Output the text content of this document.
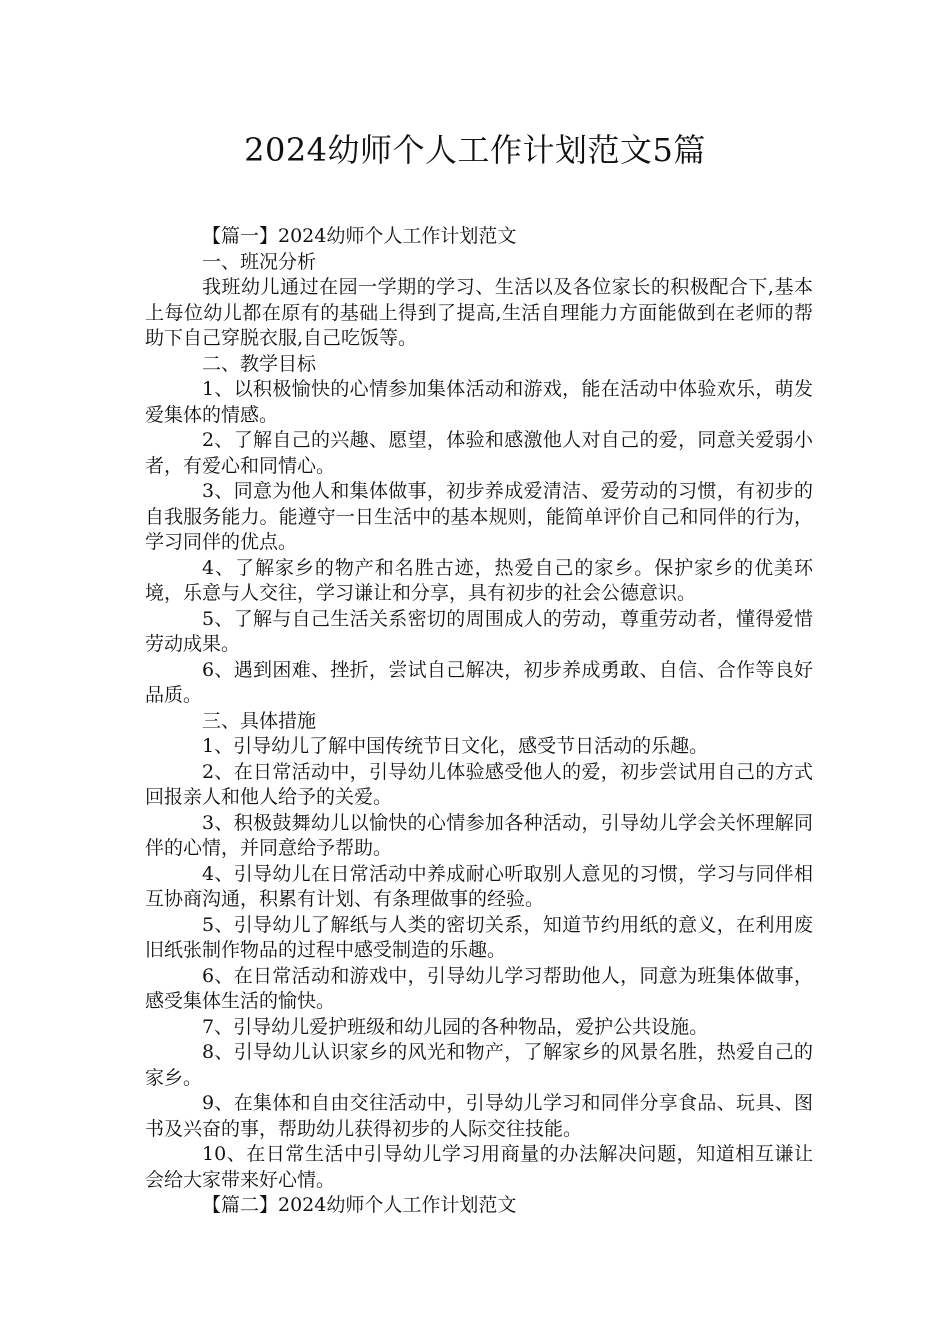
2024幼师个人工作计划范文5篇

【篇一】2024幼师个人工作计划范文

一、班况分析

我班幼儿通过在园一学期的学习、生活以及各位家长的积极配合下,基本上每位幼儿都在原有的基础上得到了提高,生活自理能力方面能做到在老师的帮助下自己穿脱衣服,自己吃饭等。

二、教学目标

1、以积极愉快的心情参加集体活动和游戏，能在活动中体验欢乐，萌发爱集体的情感。

2、了解自己的兴趣、愿望，体验和感激他人对自己的爱，同意关爱弱小者，有爱心和同情心。

3、同意为他人和集体做事，初步养成爱清洁、爱劳动的习惯，有初步的自我服务能力。能遵守一日生活中的基本规则，能简单评价自己和同伴的行为，学习同伴的优点。

4、了解家乡的物产和名胜古迹，热爱自己的家乡。保护家乡的优美环境，乐意与人交往，学习谦让和分享，具有初步的社会公德意识。

5、了解与自己生活关系密切的周围成人的劳动，尊重劳动者，懂得爱惜劳动成果。

6、遇到困难、挫折，尝试自己解决，初步养成勇敢、自信、合作等良好品质。

三、具体措施

1、引导幼儿了解中国传统节日文化，感受节日活动的乐趣。

2、在日常活动中，引导幼儿体验感受他人的爱，初步尝试用自己的方式回报亲人和他人给予的关爱。

3、积极鼓舞幼儿以愉快的心情参加各种活动，引导幼儿学会关怀理解同伴的心情，并同意给予帮助。

4、引导幼儿在日常活动中养成耐心听取别人意见的习惯，学习与同伴相互协商沟通，积累有计划、有条理做事的经验。

5、引导幼儿了解纸与人类的密切关系，知道节约用纸的意义，在利用废旧纸张制作物品的过程中感受制造的乐趣。

6、在日常活动和游戏中，引导幼儿学习帮助他人，同意为班集体做事，感受集体生活的愉快。

7、引导幼儿爱护班级和幼儿园的各种物品，爱护公共设施。

8、引导幼儿认识家乡的风光和物产，了解家乡的风景名胜，热爱自己的家乡。

9、在集体和自由交往活动中，引导幼儿学习和同伴分享食品、玩具、图书及兴奋的事，帮助幼儿获得初步的人际交往技能。

10、在日常生活中引导幼儿学习用商量的办法解决问题，知道相互谦让会给大家带来好心情。

【篇二】2024幼师个人工作计划范文
